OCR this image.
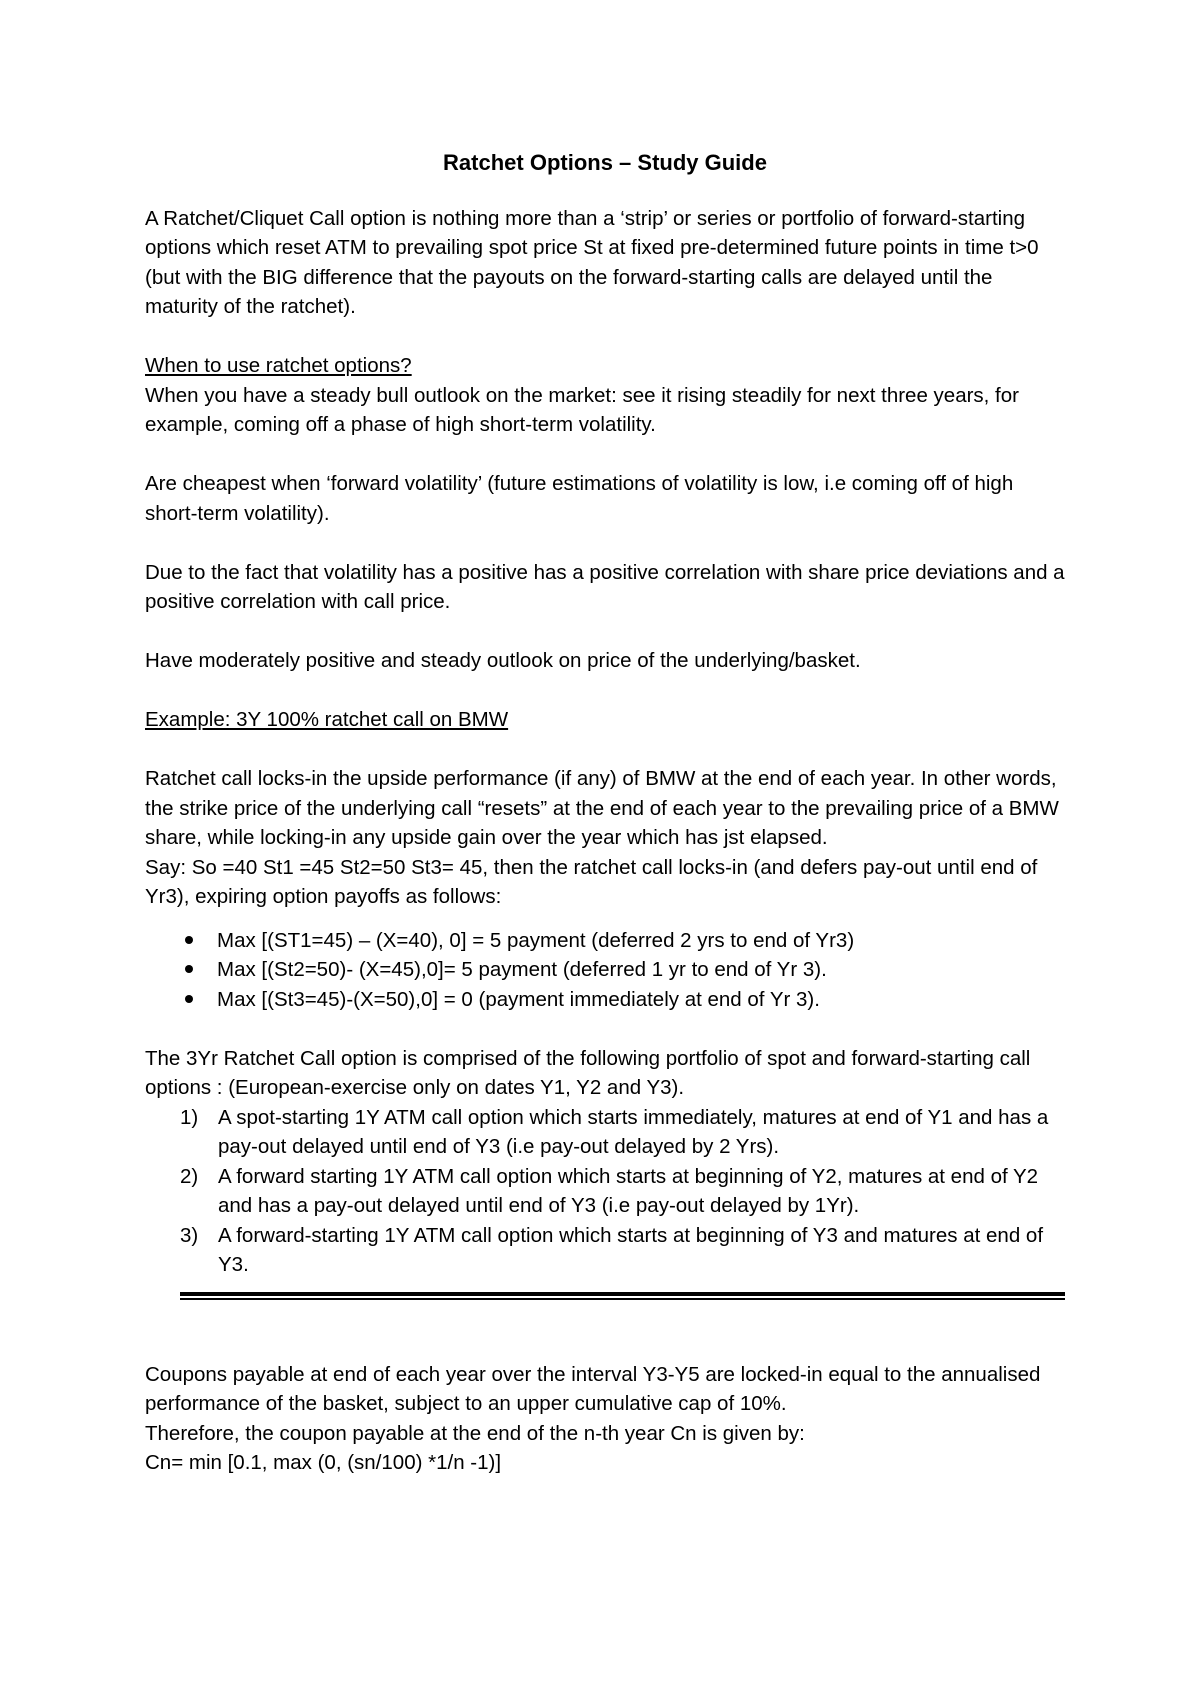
Ratchet Options – Study Guide

A Ratchet/Cliquet Call option is nothing more than a ‘strip’ or series or portfolio of forward-starting options which reset ATM to prevailing spot price St at fixed pre-determined future points in time t>0 (but with the BIG difference that the payouts on the forward-starting calls are delayed until the maturity of the ratchet).

When to use ratchet options?

When you have a steady bull outlook on the market: see it rising steadily for next three years, for example, coming off a phase of high short-term volatility.

Are cheapest when ‘forward volatility’ (future estimations of volatility is low, i.e coming off of high short-term volatility).

Due to the fact that volatility has a positive has a positive correlation with share price deviations and a positive correlation with call price.

Have moderately positive and steady outlook on price of the underlying/basket.

Example: 3Y 100% ratchet call on BMW

Ratchet call locks-in the upside performance (if any) of BMW at the end of each year. In other words, the strike price of the underlying call “resets” at the end of each year to the prevailing price of a BMW share, while locking-in any upside gain over the year which has jst elapsed.

Say: So =40 St1 =45 St2=50 St3= 45, then the ratchet call locks-in (and defers pay-out until end of Yr3), expiring option payoffs as follows:

Max [(ST1=45) – (X=40), 0] = 5 payment (deferred 2 yrs to end of Yr3)
Max [(St2=50)- (X=45),0]= 5 payment (deferred 1 yr to end of Yr 3).
Max [(St3=45)-(X=50),0] = 0 (payment immediately at end of Yr 3).

The 3Yr Ratchet Call option is comprised of the following portfolio of spot and forward-starting call options : (European-exercise only on dates Y1, Y2 and Y3).

1) A spot-starting 1Y ATM call option which starts immediately, matures at end of Y1 and has a pay-out delayed until end of Y3 (i.e pay-out delayed by 2 Yrs).
2) A forward starting 1Y ATM call option which starts at beginning of Y2, matures at end of Y2 and has a pay-out delayed until end of Y3 (i.e pay-out delayed by 1Yr).
3) A forward-starting 1Y ATM call option which starts at beginning of Y3 and matures at end of Y3.

Coupons payable at end of each year over the interval Y3-Y5 are locked-in equal to the annualised performance of the basket, subject to an upper cumulative cap of 10%.

Therefore, the coupon payable at the end of the n-th year Cn is given by:

Cn= min [0.1, max (0, (sn/100) *1/n -1)]
